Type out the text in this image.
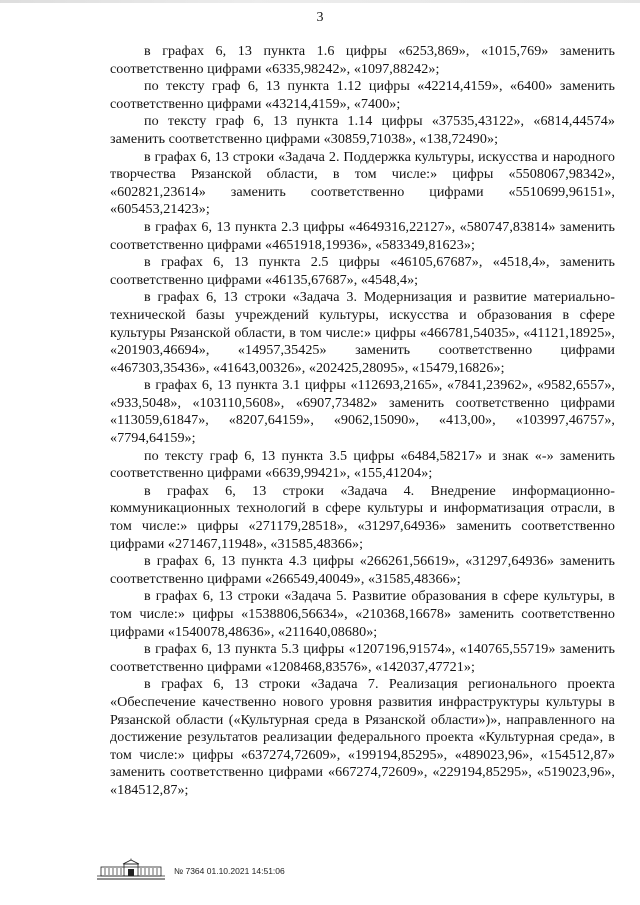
3

в графах 6, 13 пункта 1.6 цифры «6253,869», «1015,769» заменить соответственно цифрами «6335,98242», «1097,88242»;

по тексту граф 6, 13 пункта 1.12 цифры «42214,4159», «6400» заменить соответственно цифрами «43214,4159», «7400»;

по тексту граф 6, 13 пункта 1.14 цифры «37535,43122», «6814,44574» заменить соответственно цифрами «30859,71038», «138,72490»;

в графах 6, 13 строки «Задача 2. Поддержка культуры, искусства и народного творчества Рязанской области, в том числе:» цифры «5508067,98342», «602821,23614» заменить соответственно цифрами «5510699,96151», «605453,21423»;

в графах 6, 13 пункта 2.3 цифры «4649316,22127», «580747,83814» заменить соответственно цифрами «4651918,19936», «583349,81623»;

в графах 6, 13 пункта 2.5 цифры «46105,67687», «4518,4», заменить соответственно цифрами «46135,67687», «4548,4»;

в графах 6, 13 строки «Задача 3. Модернизация и развитие материально-технической базы учреждений культуры, искусства и образования в сфере культуры Рязанской области, в том числе:» цифры «466781,54035», «41121,18925», «201903,46694», «14957,35425» заменить соответственно цифрами «467303,35436», «41643,00326», «202425,28095», «15479,16826»;

в графах 6, 13 пункта 3.1 цифры «112693,2165», «7841,23962», «9582,6557», «933,5048», «103110,5608», «6907,73482» заменить соответственно цифрами «113059,61847», «8207,64159», «9062,15090», «413,00», «103997,46757», «7794,64159»;

по тексту граф 6, 13 пункта 3.5 цифры «6484,58217» и знак «-» заменить соответственно цифрами «6639,99421», «155,41204»;

в графах 6, 13 строки «Задача 4. Внедрение информационно-коммуникационных технологий в сфере культуры и информатизация отрасли, в том числе:» цифры «271179,28518», «31297,64936» заменить соответственно цифрами «271467,11948», «31585,48366»;

в графах 6, 13 пункта 4.3 цифры «266261,56619», «31297,64936» заменить соответственно цифрами «266549,40049», «31585,48366»;

в графах 6, 13 строки «Задача 5. Развитие образования в сфере культуры, в том числе:» цифры «1538806,56634», «210368,16678» заменить соответственно цифрами «1540078,48636», «211640,08680»;

в графах 6, 13 пункта 5.3 цифры «1207196,91574», «140765,55719» заменить соответственно цифрами «1208468,83576», «142037,47721»;

в графах 6, 13 строки «Задача 7. Реализация регионального проекта «Обеспечение качественно нового уровня развития инфраструктуры культуры в Рязанской области («Культурная среда в Рязанской области»)», направленного на достижение результатов реализации федерального проекта «Культурная среда», в том числе:» цифры «637274,72609», «199194,85295», «489023,96», «154512,87» заменить соответственно цифрами «667274,72609», «229194,85295», «519023,96», «184512,87»;

№ 7364 01.10.2021 14:51:06
